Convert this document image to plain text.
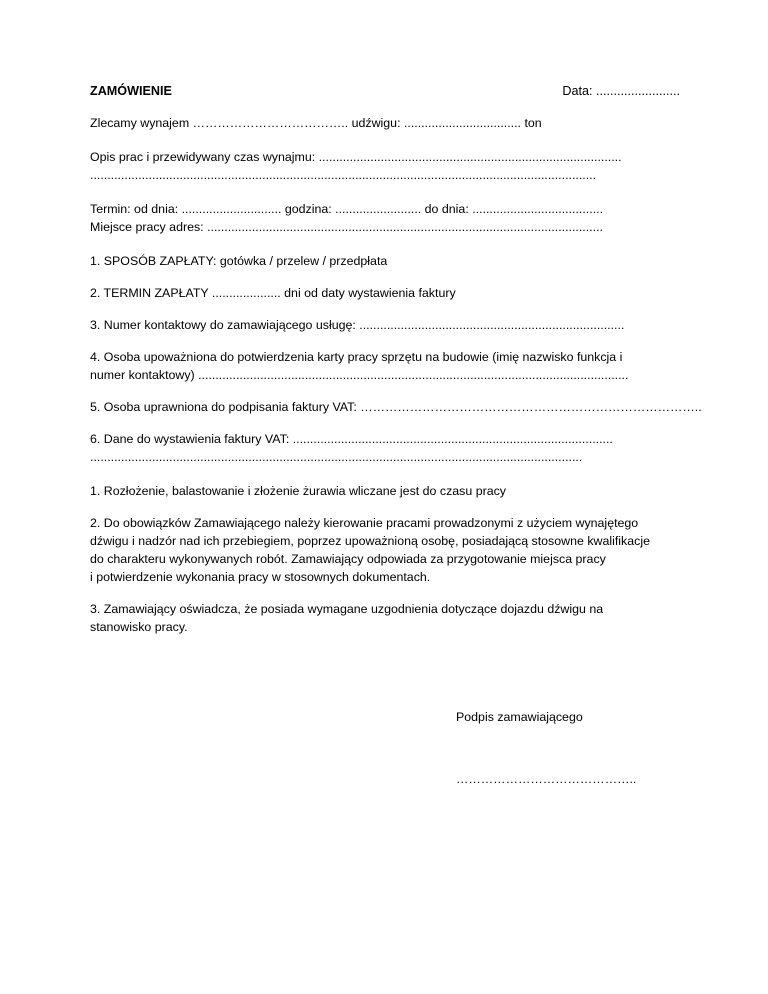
ZAMÓWIENIE	Data: ........................

Zlecamy wynajem ……………………………….. udźwigu: .................................. ton

Opis prac i przewidywany czas wynajmu: ........................................................................................

...................................................................................................................................................

Termin: od dnia: ............................. godzina: ......................... do dnia: ......................................

Miejsce pracy adres: ...................................................................................................................

1. SPOSÓB ZAPŁATY: gotówka / przelew / przedpłata

2. TERMIN ZAPŁATY .................... dni od daty wystawienia faktury

3. Numer kontaktowy do zamawiającego usługę: .............................................................................

4. Osoba upoważniona do potwierdzenia karty pracy sprzętu na budowie (imię nazwisko funkcja i

numer kontaktowy) .............................................................................................................................

5. Osoba uprawniona do podpisania faktury VAT: ………………………………………………………………………..

6. Dane do wystawienia faktury VAT: .............................................................................................

...............................................................................................................................................

1. Rozłożenie, balastowanie i złożenie żurawia wliczane jest do czasu pracy

2. Do obowiązków Zamawiającego należy kierowanie pracami prowadzonymi z użyciem wynajętego

dźwigu i nadzór nad ich przebiegiem, poprzez upoważnioną osobę, posiadającą stosowne kwalifikacje

do charakteru wykonywanych robót. Zamawiający odpowiada za przygotowanie miejsca pracy

i potwierdzenie wykonania pracy w stosownych dokumentach.

3. Zamawiający oświadcza, że posiada wymagane uzgodnienia dotyczące dojazdu dźwigu na

stanowisko pracy.

Podpis zamawiającego
……………………………………..
